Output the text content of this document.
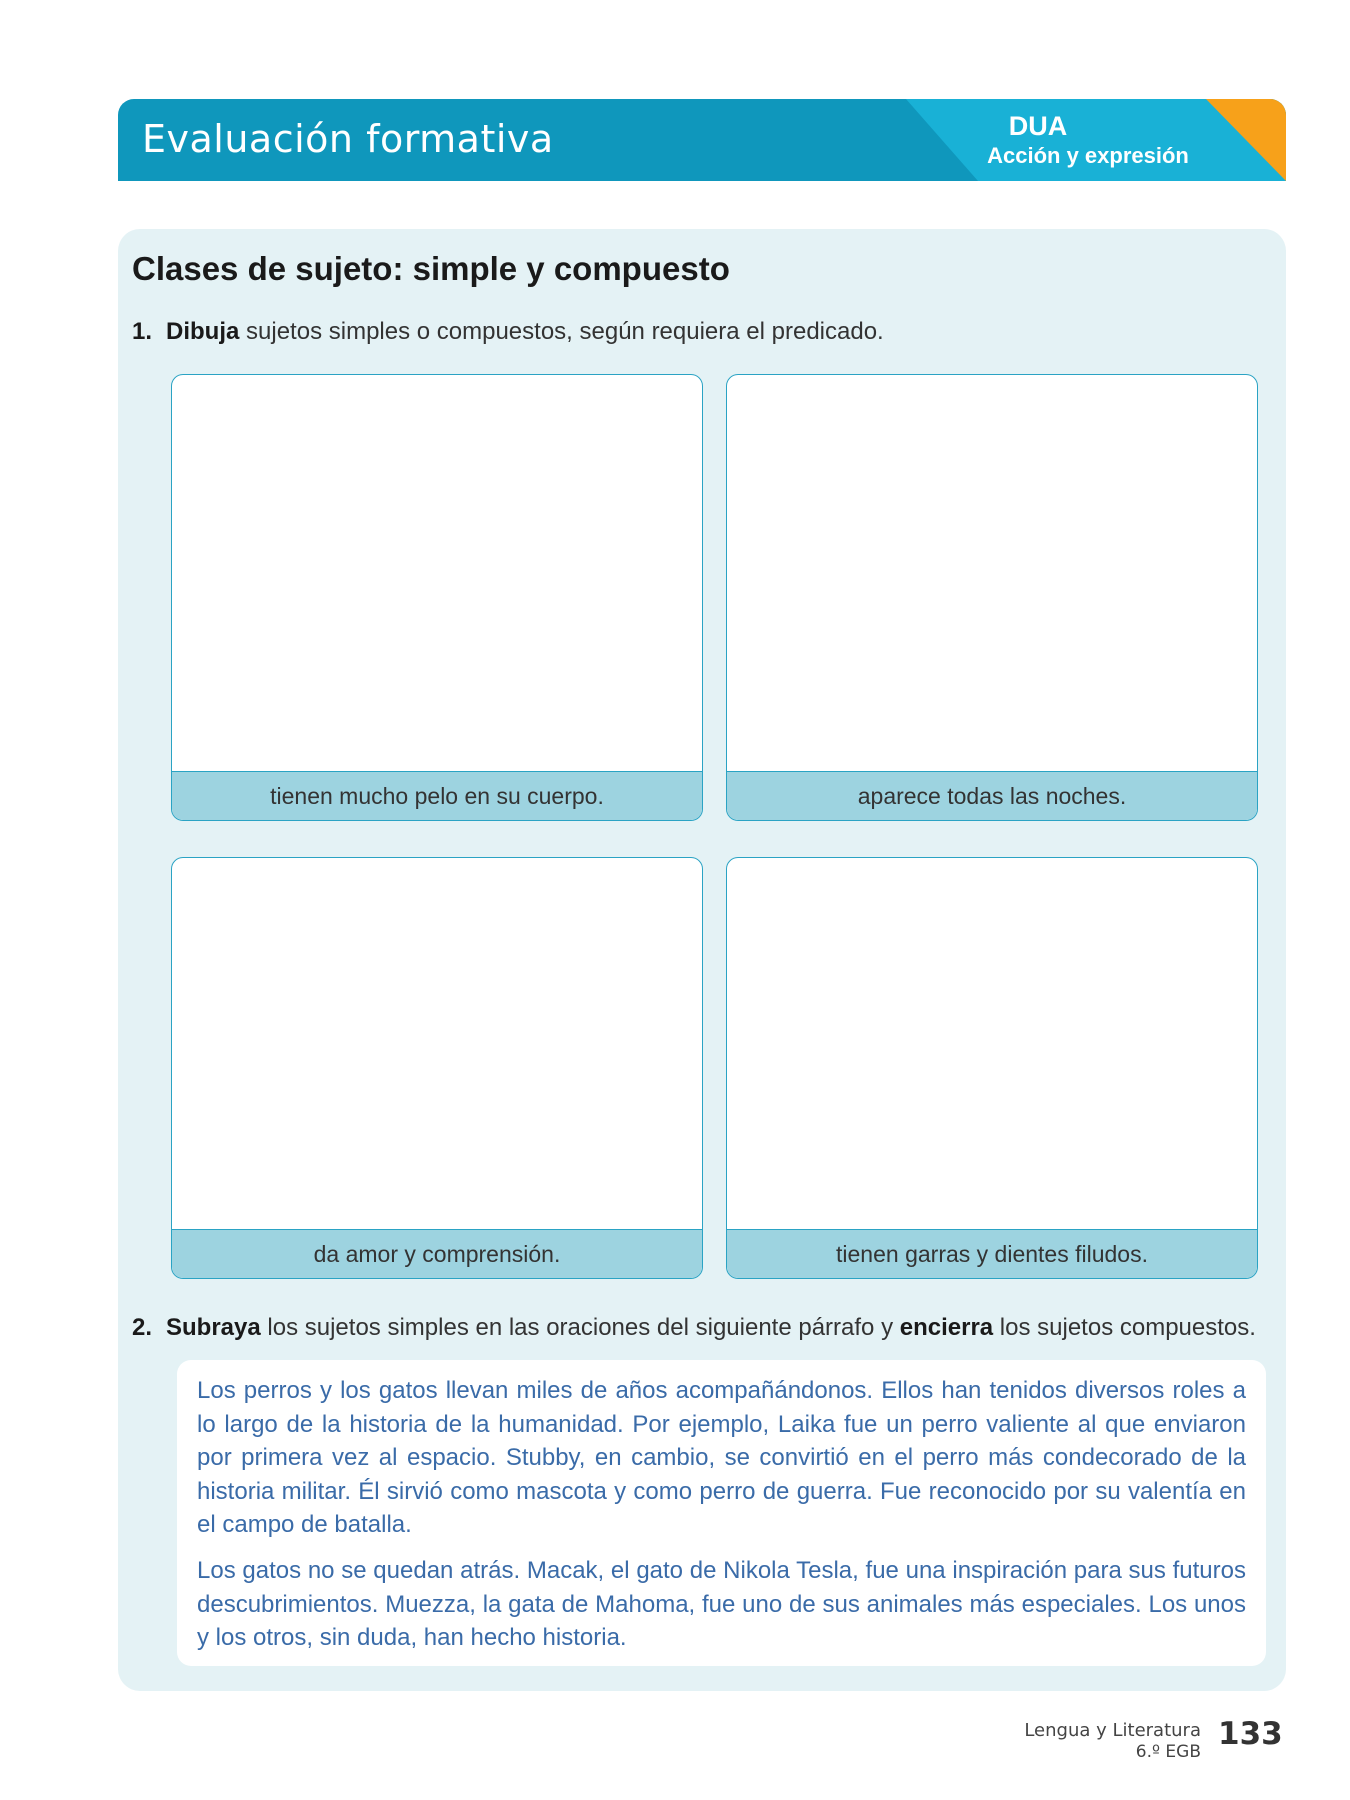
Evaluación formativa	DUA
Acción y expresión
Clases de sujeto: simple y compuesto
1. Dibuja sujetos simples o compuestos, según requiera el predicado.
tienen mucho pelo en su cuerpo.	aparece todas las noches.
da amor y comprensión.	tienen garras y dientes filudos.
2. Subraya los sujetos simples en las oraciones del siguiente párrafo y encierra los sujetos compuestos.

Los perros y los gatos llevan miles de años acompañándonos. Ellos han tenidos diversos roles a lo largo de la historia de la humanidad. Por ejemplo, Laika fue un perro valiente al que enviaron por primera vez al espacio. Stubby, en cambio, se convirtió en el perro más condecorado de la historia militar. Él sirvió como mascota y como perro de guerra. Fue reconocido por su valentía en el campo de batalla.

Los gatos no se quedan atrás. Macak, el gato de Nikola Tesla, fue una inspiración para sus futuros descubrimientos. Muezza, la gata de Mahoma, fue uno de sus animales más especiales. Los unos y los otros, sin duda, han hecho historia.

Lengua y Literatura
6.º EGB 133
